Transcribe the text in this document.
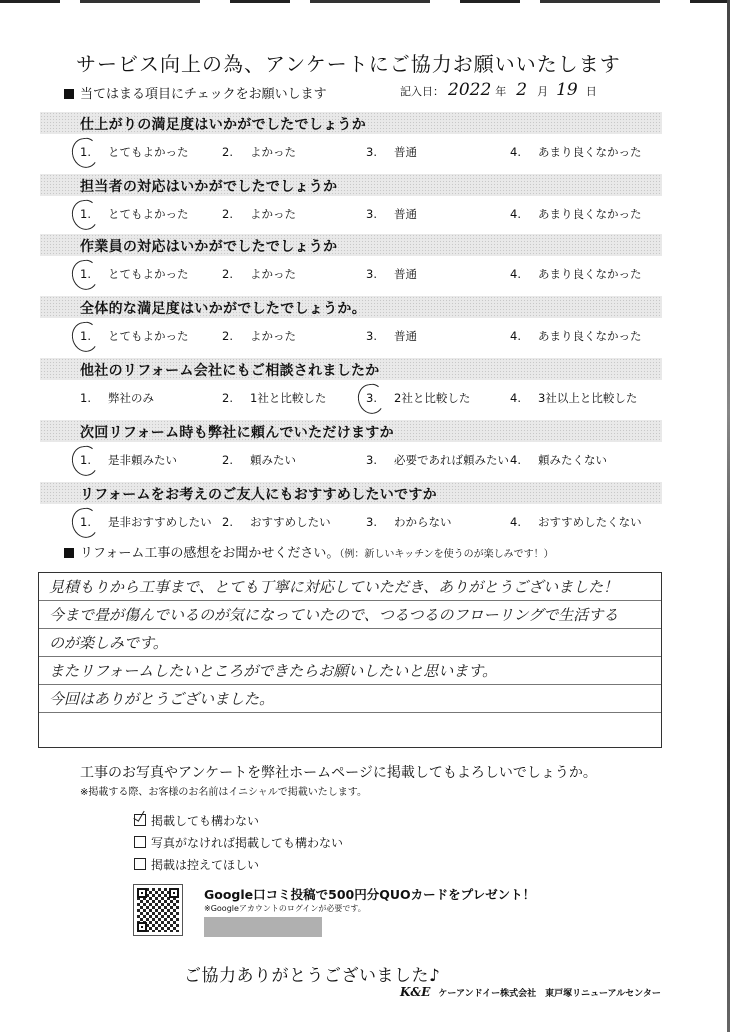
サービス向上の為、アンケートにご協力お願いいたします
当てはまる項目にチェックをお願いします	記入日： 2022 年 2 月 19 日
仕上がりの満足度はいかがでしたでしょうか
1. とてもよかった	2. よかった	3. 普通	4. あまり良くなかった
担当者の対応はいかがでしたでしょうか
1. とてもよかった	2. よかった	3. 普通	4. あまり良くなかった
作業員の対応はいかがでしたでしょうか
1. とてもよかった	2. よかった	3. 普通	4. あまり良くなかった
全体的な満足度はいかがでしたでしょうか。
1. とてもよかった	2. よかった	3. 普通	4. あまり良くなかった
他社のリフォーム会社にもご相談されましたか
1. 弊社のみ	2. 1社と比較した	3. 2社と比較した	4. 3社以上と比較した
次回リフォーム時も弊社に頼んでいただけますか
1. 是非頼みたい	2. 頼みたい	3. 必要であれば頼みたい 4. 頼みたくない
リフォームをお考えのご友人にもおすすめしたいですか
1. 是非おすすめしたい 2. おすすめしたい	3. わからない	4. おすすめしたくない
リフォーム工事の感想をお聞かせください。（例：新しいキッチンを使うのが楽しみです！）
見積もりから工事まで、とても丁寧に対応していただき、ありがとうございました！
今まで畳が傷んでいるのが気になっていたので、つるつるのフローリングで生活する
のが楽しみです。
またリフォームしたいところができたらお願いしたいと思います。
今回はありがとうございました。
工事のお写真やアンケートを弊社ホームページに掲載してもよろしいでしょうか。
※掲載する際、お客様のお名前はイニシャルで掲載いたします。
掲載しても構わない
写真がなければ掲載しても構わない
掲載は控えてほしい
Google口コミ投稿で500円分QUOカードをプレゼント！
※Googleアカウントのログインが必要です。
ご協力ありがとうございました♪
K&E ケーアンドイー株式会社　東戸塚リニューアルセンター
